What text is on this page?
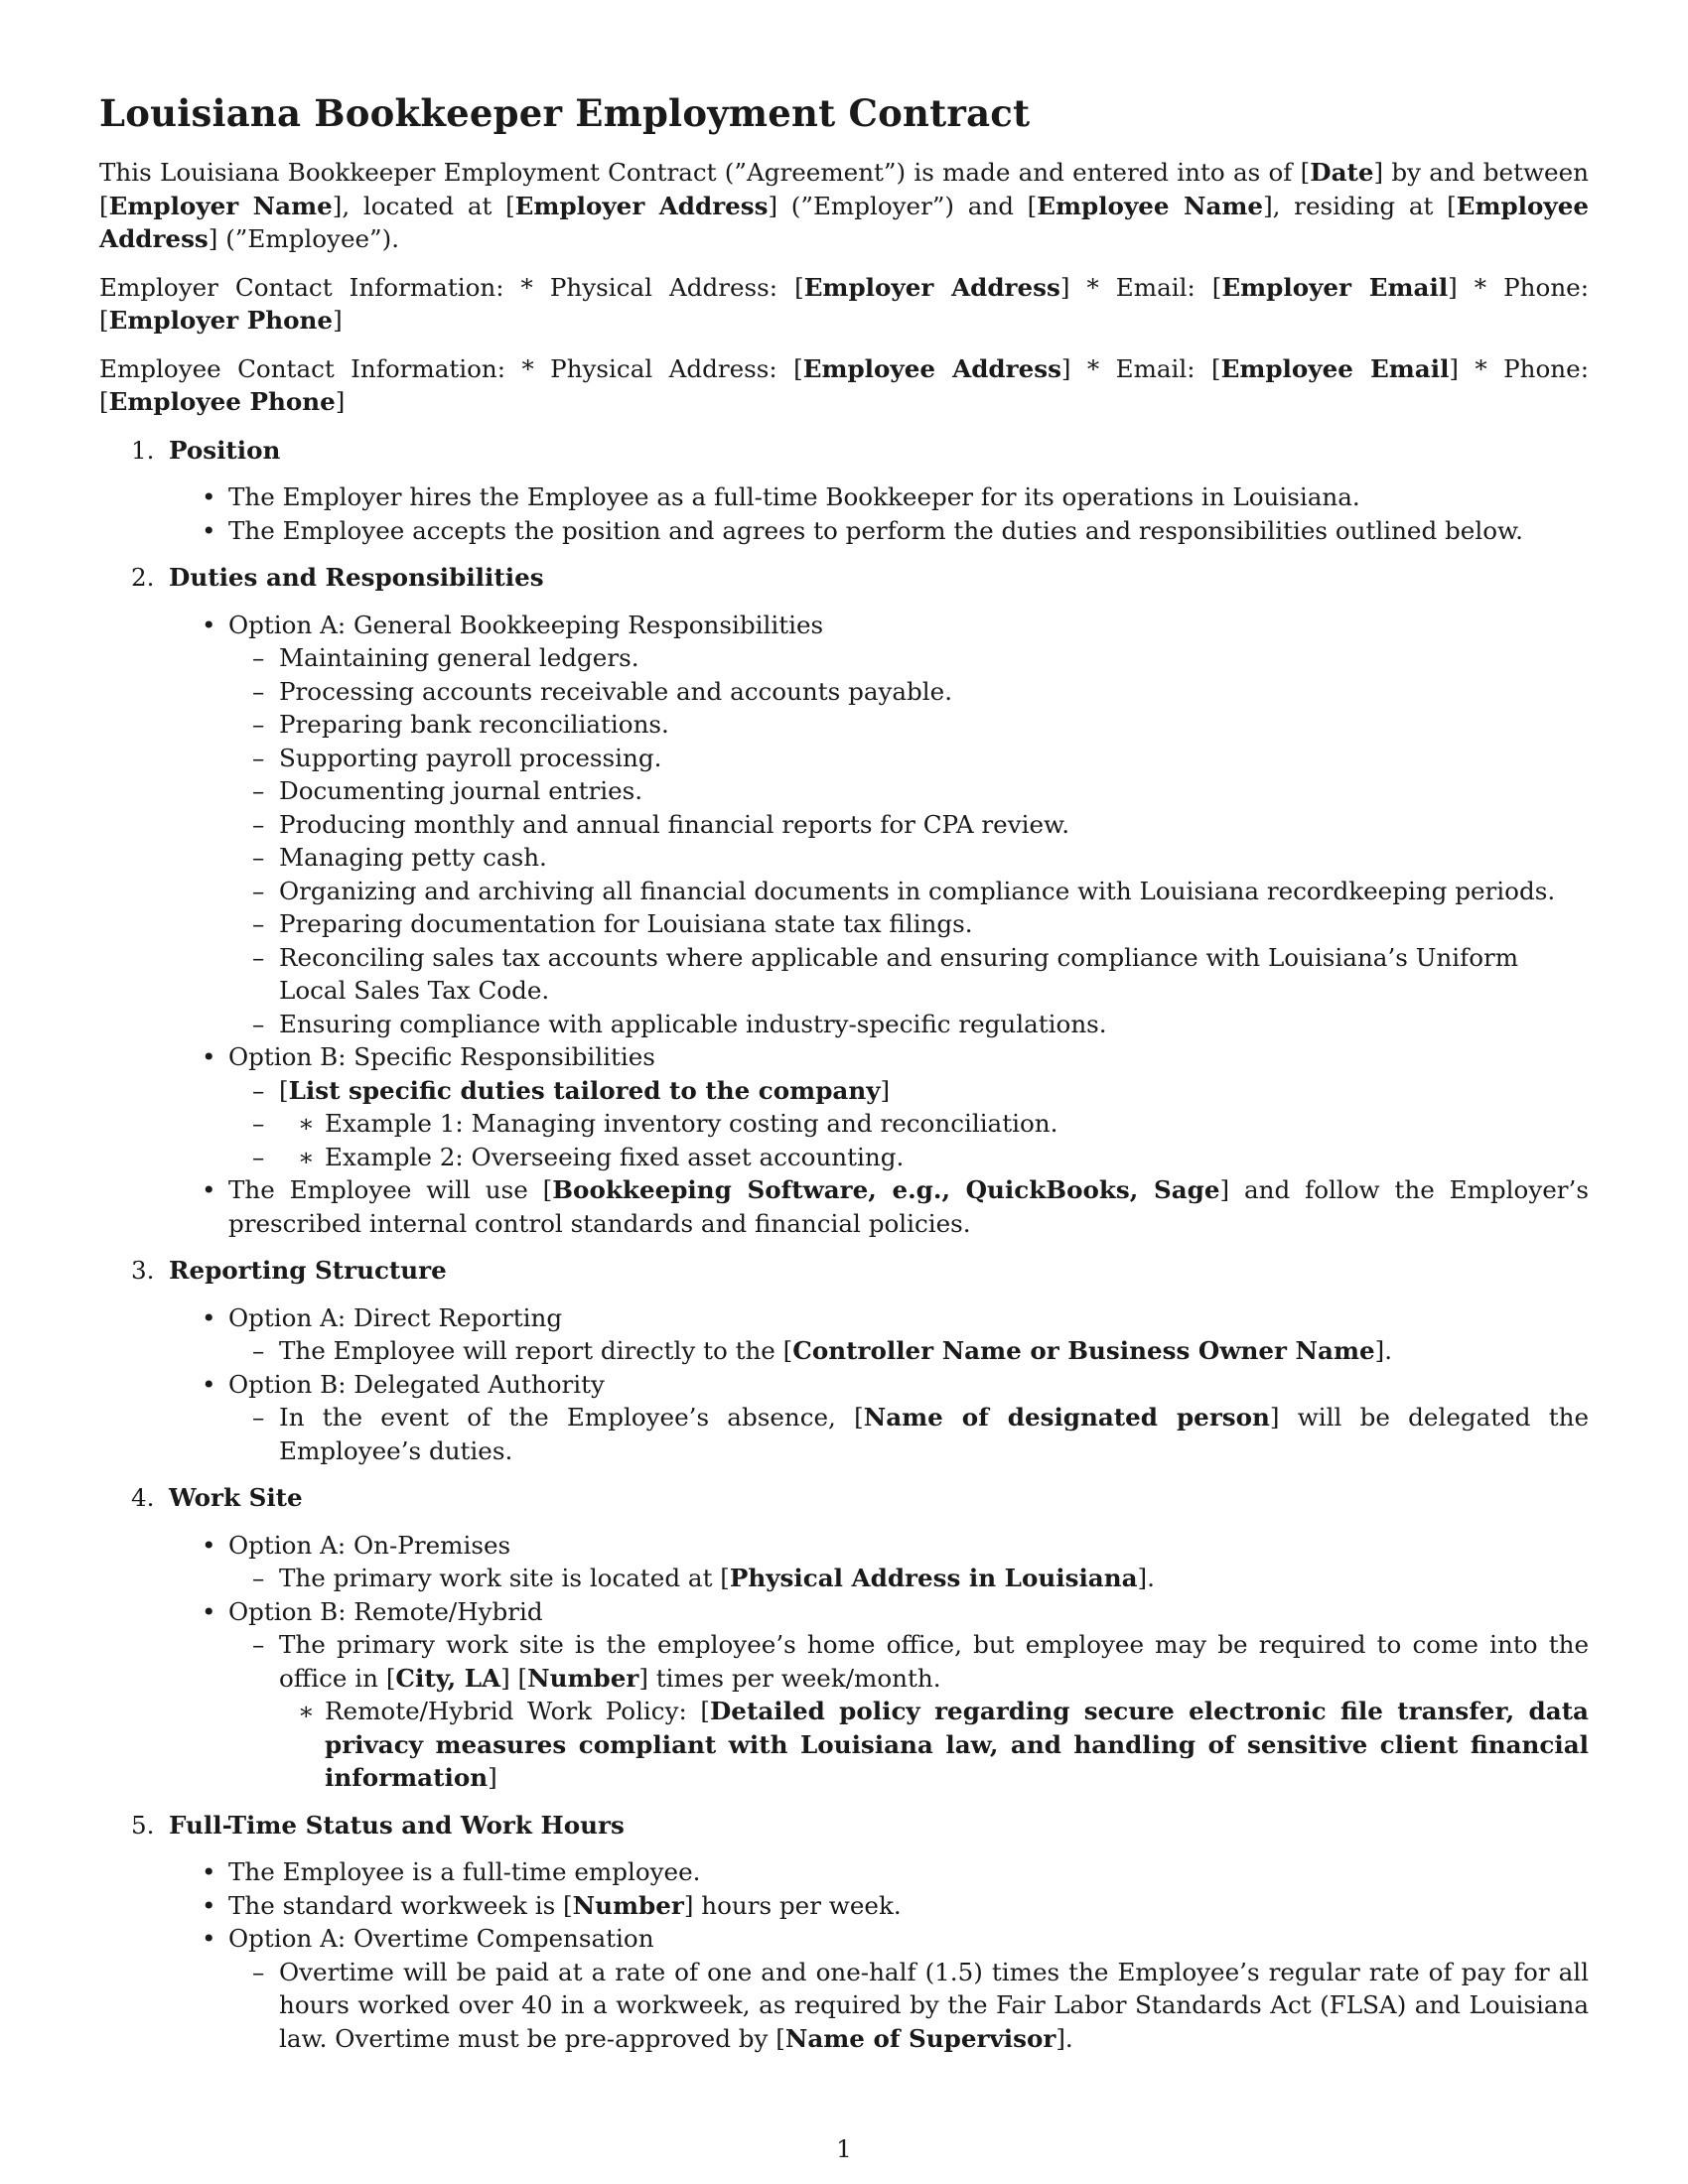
Louisiana Bookkeeper Employment Contract

This Louisiana Bookkeeper Employment Contract (”Agreement”) is made and entered into as of [Date] by and between [Employer Name], located at [Employer Address] (”Employer”) and [Employee Name], residing at [Employee Address] (”Employee”).

Employer Contact Information: * Physical Address: [Employer Address] * Email: [Employer Email] * Phone: [Employer Phone]

Employee Contact Information: * Physical Address: [Employee Address] * Email: [Employee Email] * Phone: [Employee Phone]

1. Position
• The Employer hires the Employee as a full-time Bookkeeper for its operations in Louisiana.
• The Employee accepts the position and agrees to perform the duties and responsibilities outlined below.
2. Duties and Responsibilities
• Option A: General Bookkeeping Responsibilities
– Maintaining general ledgers.
– Processing accounts receivable and accounts payable.
– Preparing bank reconciliations.
– Supporting payroll processing.
– Documenting journal entries.
– Producing monthly and annual financial reports for CPA review.
– Managing petty cash.
– Organizing and archiving all financial documents in compliance with Louisiana recordkeeping periods.
– Preparing documentation for Louisiana state tax filings.
– Reconciling sales tax accounts where applicable and ensuring compliance with Louisiana’s Uniform Local Sales Tax Code.
– Ensuring compliance with applicable industry-specific regulations.
• Option B: Specific Responsibilities
– [List specific duties tailored to the company]
– ∗ Example 1: Managing inventory costing and reconciliation.
– ∗ Example 2: Overseeing fixed asset accounting.
• The Employee will use [Bookkeeping Software, e.g., QuickBooks, Sage] and follow the Employer’s prescribed internal control standards and financial policies.
3. Reporting Structure
• Option A: Direct Reporting
– The Employee will report directly to the [Controller Name or Business Owner Name].
• Option B: Delegated Authority
– In the event of the Employee’s absence, [Name of designated person] will be delegated the Employee’s duties.
4. Work Site
• Option A: On-Premises
– The primary work site is located at [Physical Address in Louisiana].
• Option B: Remote/Hybrid
– The primary work site is the employee’s home office, but employee may be required to come into the office in [City, LA] [Number] times per week/month.
∗ Remote/Hybrid Work Policy: [Detailed policy regarding secure electronic file transfer, data privacy measures compliant with Louisiana law, and handling of sensitive client financial information]
5. Full-Time Status and Work Hours
• The Employee is a full-time employee.
• The standard workweek is [Number] hours per week.
• Option A: Overtime Compensation
– Overtime will be paid at a rate of one and one-half (1.5) times the Employee’s regular rate of pay for all hours worked over 40 in a workweek, as required by the Fair Labor Standards Act (FLSA) and Louisiana law. Overtime must be pre-approved by [Name of Supervisor].
1
